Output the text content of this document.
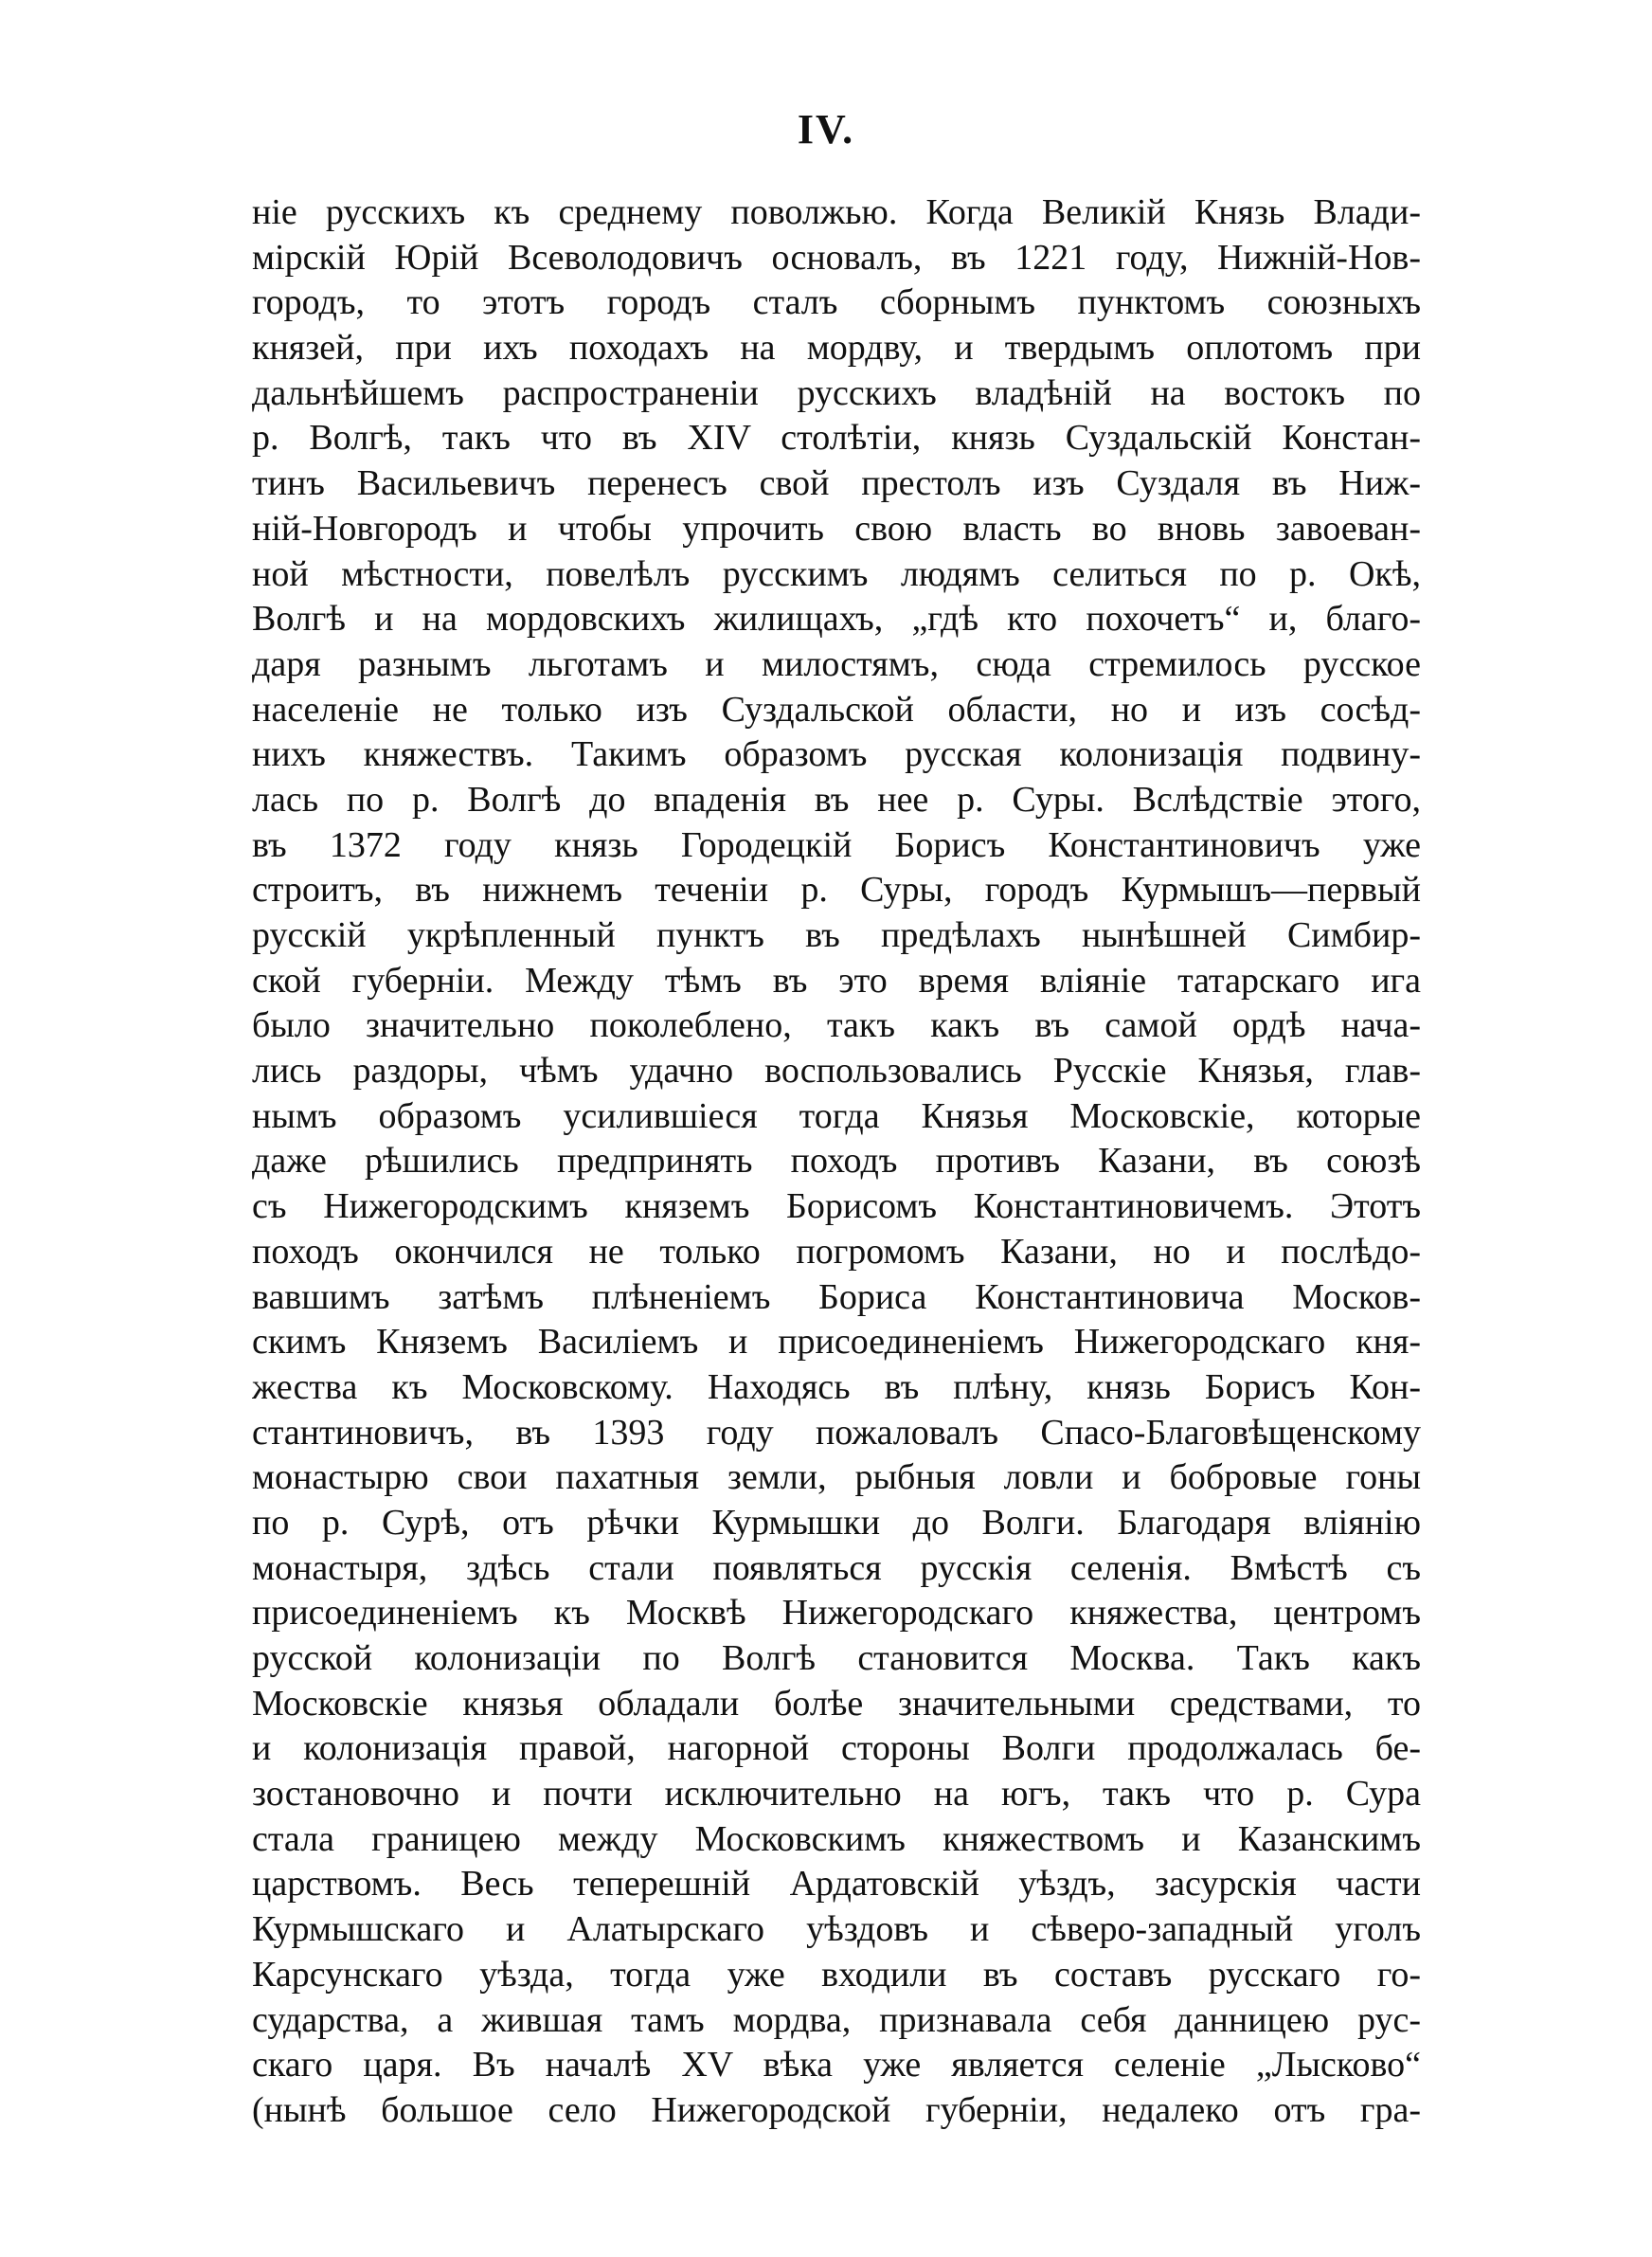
IV.
ніе русскихъ къ среднему поволжью. Когда Великій Князь Влади-
мірскій Юрій Всеволодовичъ основалъ, въ 1221 году, Нижній-Нов-
городъ, то этотъ городъ сталъ сборнымъ пунктомъ союзныхъ
князей, при ихъ походахъ на мордву, и твердымъ оплотомъ при
дальнѣйшемъ распространеніи русскихъ владѣній на востокъ по
р. Волгѣ, такъ что въ XIV столѣтіи, князь Суздальскій Констан-
тинъ Васильевичъ перенесъ свой престолъ изъ Суздаля въ Ниж-
ній-Новгородъ и чтобы упрочить свою власть во вновь завоеван-
ной мѣстности, повелѣлъ русскимъ людямъ селиться по р. Окѣ,
Волгѣ и на мордовскихъ жилищахъ, „гдѣ кто похочетъ“ и, благо-
даря разнымъ льготамъ и милостямъ, сюда стремилось русское
населеніе не только изъ Суздальской области, но и изъ сосѣд-
нихъ княжествъ. Такимъ образомъ русская колонизація подвину-
лась по р. Волгѣ до впаденія въ нее р. Суры. Вслѣдствіе этого,
въ 1372 году князь Городецкій Борисъ Константиновичъ уже
строитъ, въ нижнемъ теченіи р. Суры, городъ Курмышъ—первый
русскій укрѣпленный пунктъ въ предѣлахъ нынѣшней Симбир-
ской губерніи. Между тѣмъ въ это время вліяніе татарскаго ига
было значительно поколеблено, такъ какъ въ самой ордѣ нача-
лись раздоры, чѣмъ удачно воспользовались Русскіе Князья, глав-
нымъ образомъ усилившіеся тогда Князья Московскіе, которые
даже рѣшились предпринять походъ противъ Казани, въ союзѣ
съ Нижегородскимъ княземъ Борисомъ Константиновичемъ. Этотъ
походъ окончился не только погромомъ Казани, но и послѣдо-
вавшимъ затѣмъ плѣненіемъ Бориса Константиновича Москов-
скимъ Княземъ Василіемъ и присоединеніемъ Нижегородскаго кня-
жества къ Московскому. Находясь въ плѣну, князь Борисъ Кон-
стантиновичъ, въ 1393 году пожаловалъ Спасо-Благовѣщенскому
монастырю свои пахатныя земли, рыбныя ловли и бобровые гоны
по р. Сурѣ, отъ рѣчки Курмышки до Волги. Благодаря вліянію
монастыря, здѣсь стали появляться русскія селенія. Вмѣстѣ съ
присоединеніемъ къ Москвѣ Нижегородскаго княжества, центромъ
русской колонизаціи по Волгѣ становится Москва. Такъ какъ
Московскіе князья обладали болѣе значительными средствами, то
и колонизація правой, нагорной стороны Волги продолжалась бе-
зостановочно и почти исключительно на югъ, такъ что р. Сура
стала границею между Московскимъ княжествомъ и Казанскимъ
царствомъ. Весь теперешній Ардатовскій уѣздъ, засурскія части
Курмышскаго и Алатырскаго уѣздовъ и сѣверо-западный уголъ
Карсунскаго уѣзда, тогда уже входили въ составъ русскаго го-
сударства, а жившая тамъ мордва, признавала себя данницею рус-
скаго царя. Въ началѣ XV вѣка уже является селеніе „Лысково“
(нынѣ большое село Нижегородской губерніи, недалеко отъ гра-
